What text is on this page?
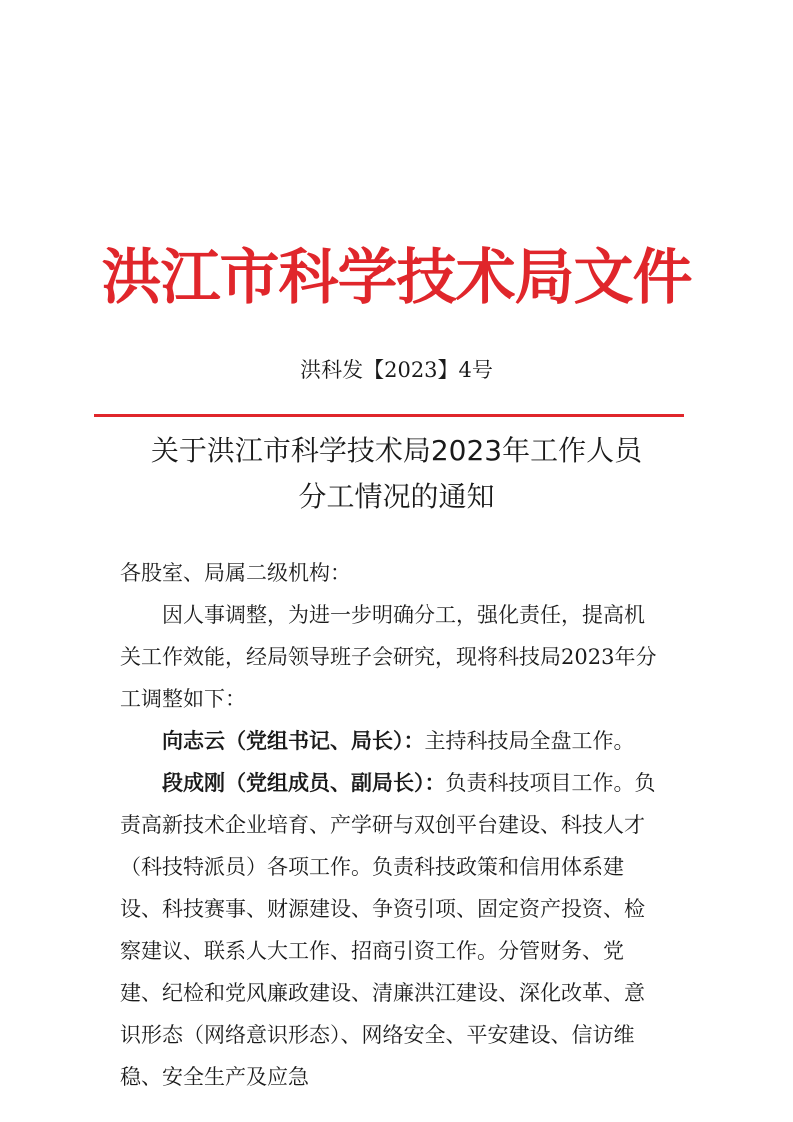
洪江市科学技术局文件
洪科发【2023】4号
关于洪江市科学技术局2023年工作人员
分工情况的通知

各股室、局属二级机构：

因人事调整，为进一步明确分工，强化责任，提高机关工作效能，经局领导班子会研究，现将科技局2023年分工调整如下：

向志云（党组书记、局长）：主持科技局全盘工作。

段成刚（党组成员、副局长）：负责科技项目工作。负责高新技术企业培育、产学研与双创平台建设、科技人才（科技特派员）各项工作。负责科技政策和信用体系建设、科技赛事、财源建设、争资引项、固定资产投资、检察建议、联系人大工作、招商引资工作。分管财务、党建、纪检和党风廉政建设、清廉洪江建设、深化改革、意识形态（网络意识形态）、网络安全、平安建设、信访维稳、安全生产及应急
